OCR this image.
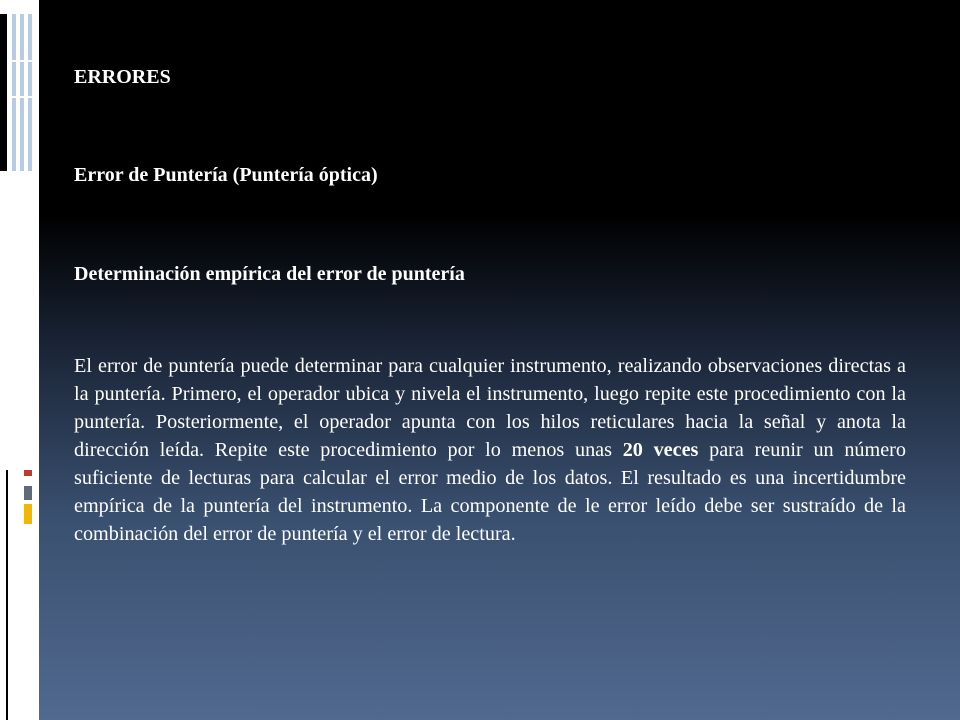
ERRORES

Error de Puntería (Puntería óptica)

Determinación empírica del error de puntería

El error de puntería puede determinar para cualquier instrumento, realizando observaciones directas a la puntería. Primero, el operador ubica y nivela el instrumento, luego repite este procedimiento con la puntería. Posteriormente, el operador apunta con los hilos reticulares hacia la señal y anota la dirección leída. Repite este procedimiento por lo menos unas 20 veces para reunir un número suficiente de lecturas para calcular el error medio de los datos. El resultado es una incertidumbre empírica de la puntería del instrumento. La componente de le error leído debe ser sustraído de la combinación del error de puntería y el error de lectura.
